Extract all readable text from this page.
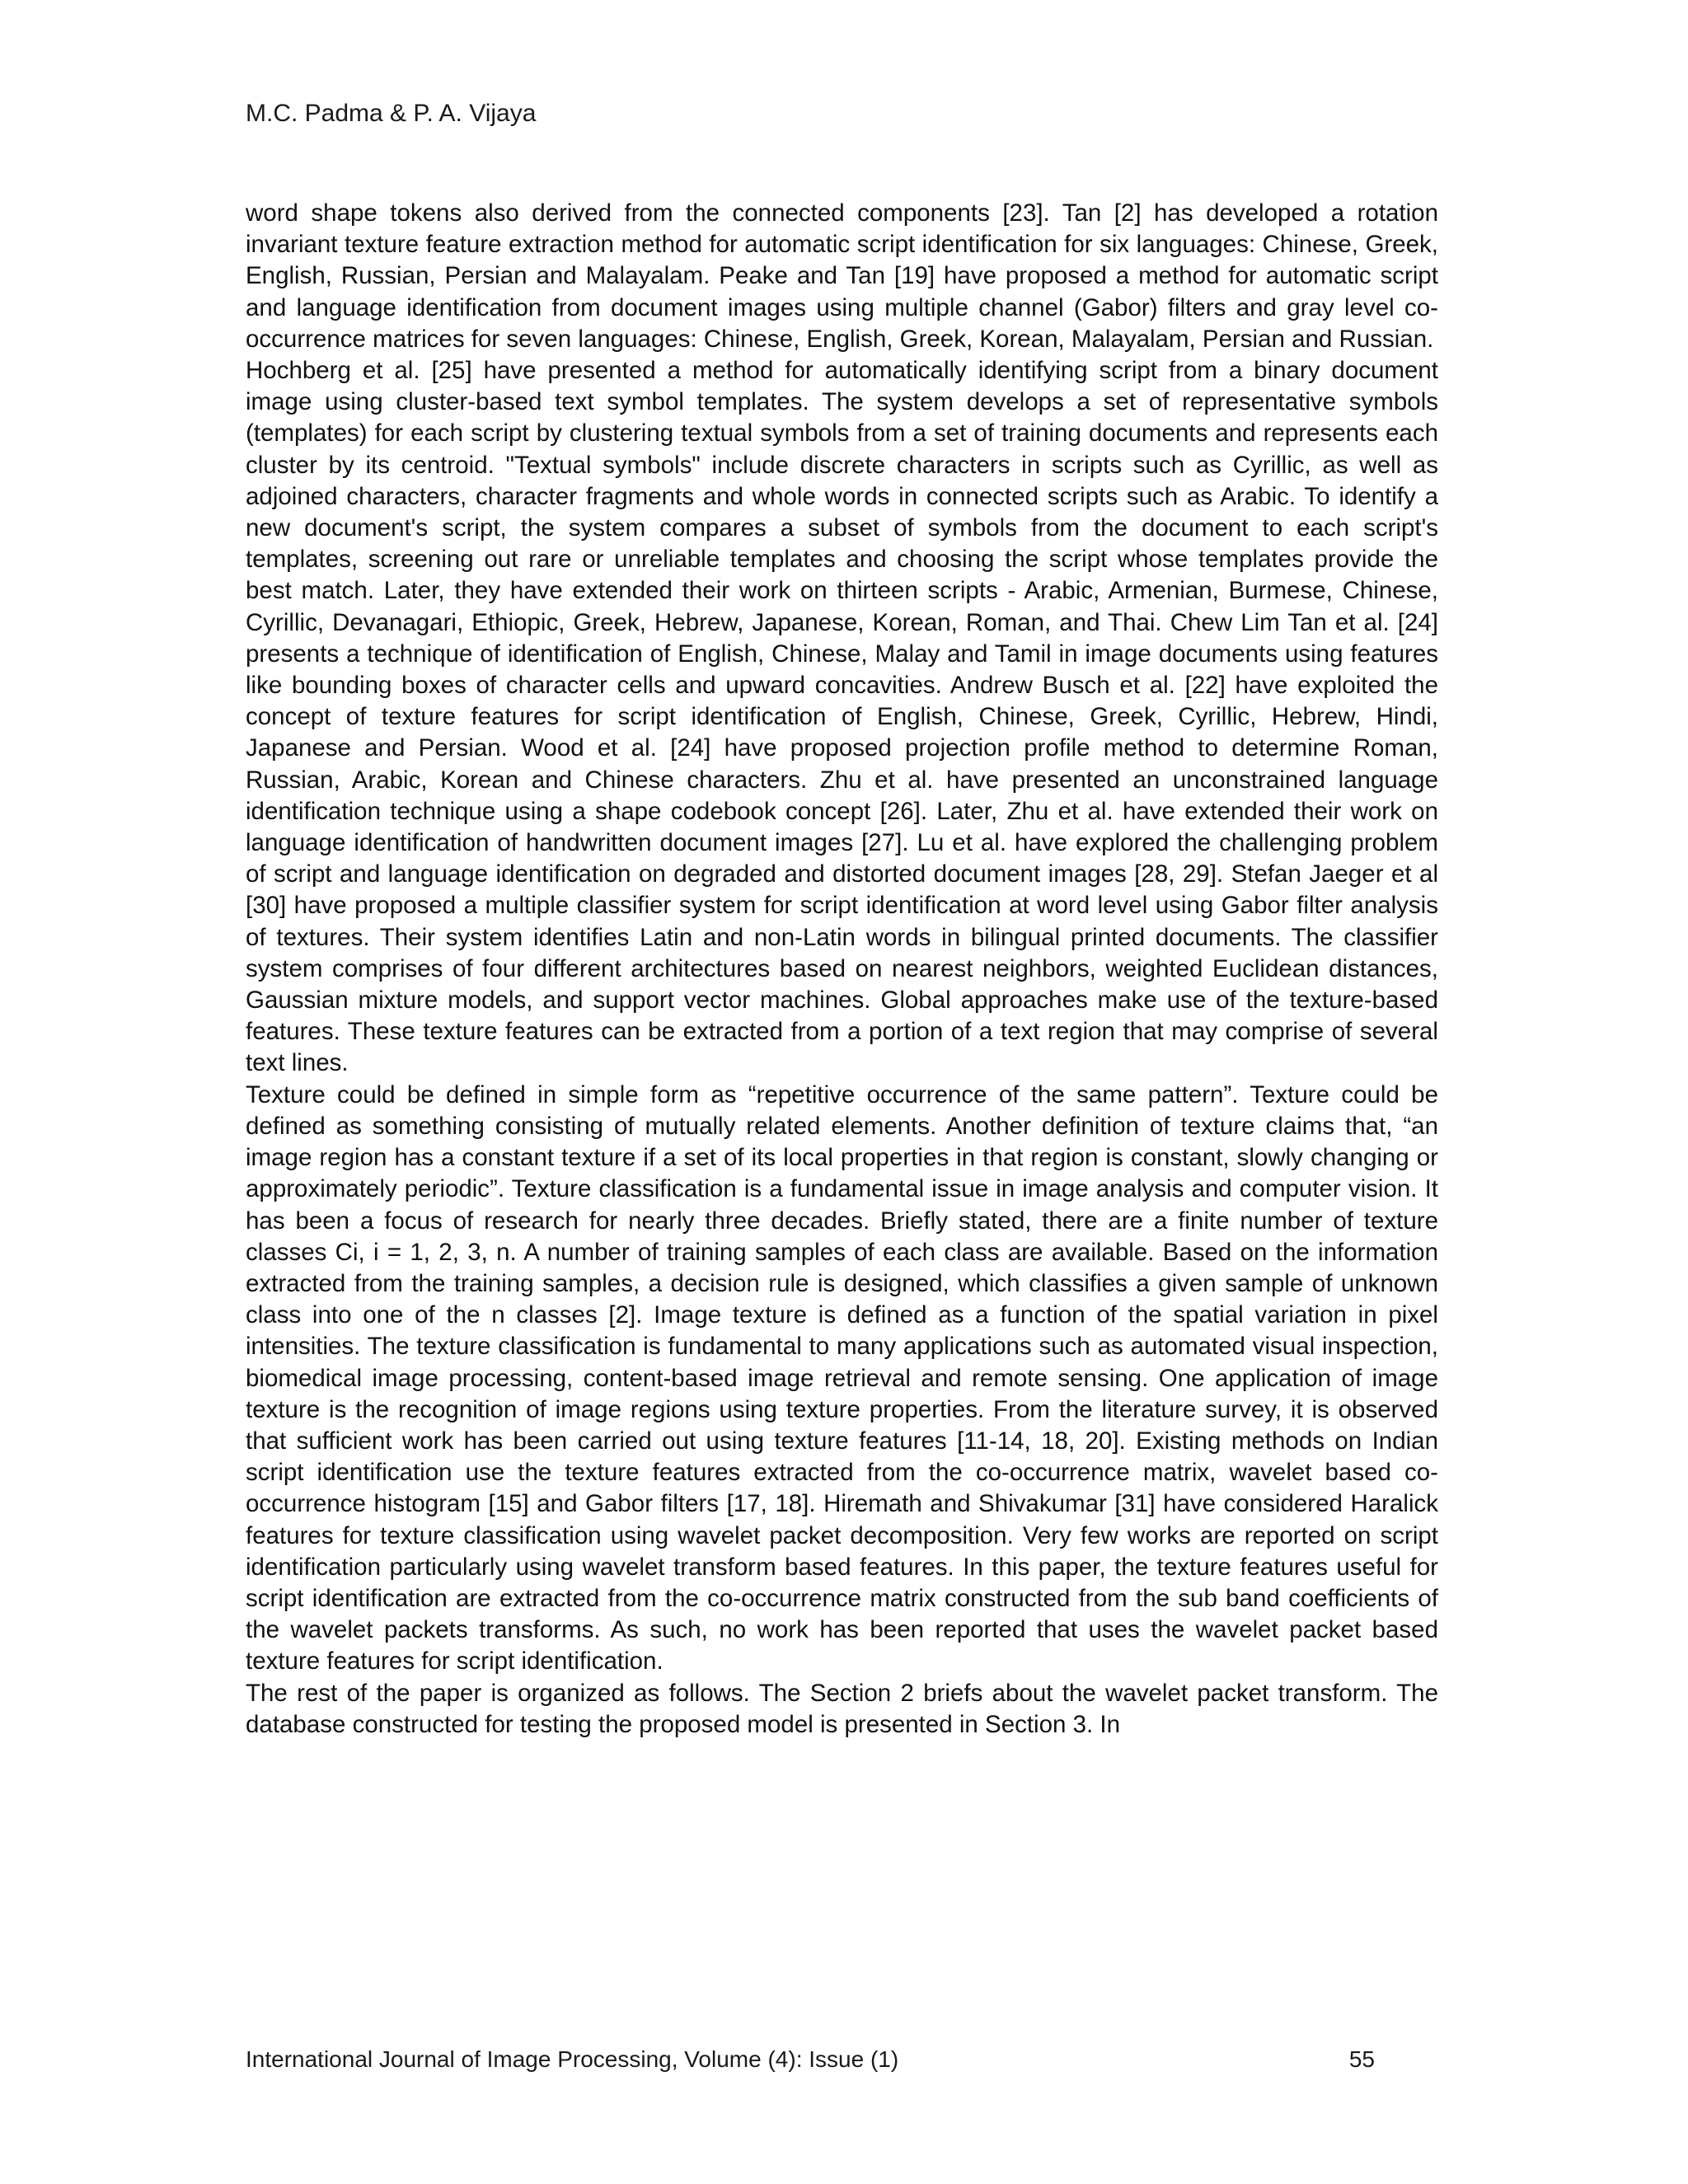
M.C. Padma & P. A. Vijaya

word shape tokens also derived from the connected components [23]. Tan [2] has developed a rotation invariant texture feature extraction method for automatic script identification for six languages: Chinese, Greek, English, Russian, Persian and Malayalam. Peake and Tan [19] have proposed a method for automatic script and language identification from document images using multiple channel (Gabor) filters and gray level co-occurrence matrices for seven languages: Chinese, English, Greek, Korean, Malayalam, Persian and Russian.

Hochberg et al. [25] have presented a method for automatically identifying script from a binary document image using cluster-based text symbol templates. The system develops a set of representative symbols (templates) for each script by clustering textual symbols from a set of training documents and represents each cluster by its centroid. "Textual symbols" include discrete characters in scripts such as Cyrillic, as well as adjoined characters, character fragments and whole words in connected scripts such as Arabic. To identify a new document's script, the system compares a subset of symbols from the document to each script's templates, screening out rare or unreliable templates and choosing the script whose templates provide the best match. Later, they have extended their work on thirteen scripts - Arabic, Armenian, Burmese, Chinese, Cyrillic, Devanagari, Ethiopic, Greek, Hebrew, Japanese, Korean, Roman, and Thai. Chew Lim Tan et al. [24] presents a technique of identification of English, Chinese, Malay and Tamil in image documents using features like bounding boxes of character cells and upward concavities. Andrew Busch et al. [22] have exploited the concept of texture features for script identification of English, Chinese, Greek, Cyrillic, Hebrew, Hindi, Japanese and Persian. Wood et al. [24] have proposed projection profile method to determine Roman, Russian, Arabic, Korean and Chinese characters. Zhu et al. have presented an unconstrained language identification technique using a shape codebook concept [26]. Later, Zhu et al. have extended their work on language identification of handwritten document images [27]. Lu et al. have explored the challenging problem of script and language identification on degraded and distorted document images [28, 29]. Stefan Jaeger et al [30] have proposed a multiple classifier system for script identification at word level using Gabor filter analysis of textures. Their system identifies Latin and non-Latin words in bilingual printed documents. The classifier system comprises of four different architectures based on nearest neighbors, weighted Euclidean distances, Gaussian mixture models, and support vector machines. Global approaches make use of the texture-based features. These texture features can be extracted from a portion of a text region that may comprise of several text lines.

Texture could be defined in simple form as “repetitive occurrence of the same pattern”. Texture could be defined as something consisting of mutually related elements. Another definition of texture claims that, “an image region has a constant texture if a set of its local properties in that region is constant, slowly changing or approximately periodic”. Texture classification is a fundamental issue in image analysis and computer vision. It has been a focus of research for nearly three decades. Briefly stated, there are a finite number of texture classes Ci, i = 1, 2, 3, n. A number of training samples of each class are available. Based on the information extracted from the training samples, a decision rule is designed, which classifies a given sample of unknown class into one of the n classes [2]. Image texture is defined as a function of the spatial variation in pixel intensities. The texture classification is fundamental to many applications such as automated visual inspection, biomedical image processing, content-based image retrieval and remote sensing. One application of image texture is the recognition of image regions using texture properties. From the literature survey, it is observed that sufficient work has been carried out using texture features [11-14, 18, 20]. Existing methods on Indian script identification use the texture features extracted from the co-occurrence matrix, wavelet based co-occurrence histogram [15] and Gabor filters [17, 18]. Hiremath and Shivakumar [31] have considered Haralick features for texture classification using wavelet packet decomposition. Very few works are reported on script identification particularly using wavelet transform based features. In this paper, the texture features useful for script identification are extracted from the co-occurrence matrix constructed from the sub band coefficients of the wavelet packets transforms. As such, no work has been reported that uses the wavelet packet based texture features for script identification.

The rest of the paper is organized as follows. The Section 2 briefs about the wavelet packet transform. The database constructed for testing the proposed model is presented in Section 3. In

International Journal of Image Processing, Volume (4): Issue (1)	55
